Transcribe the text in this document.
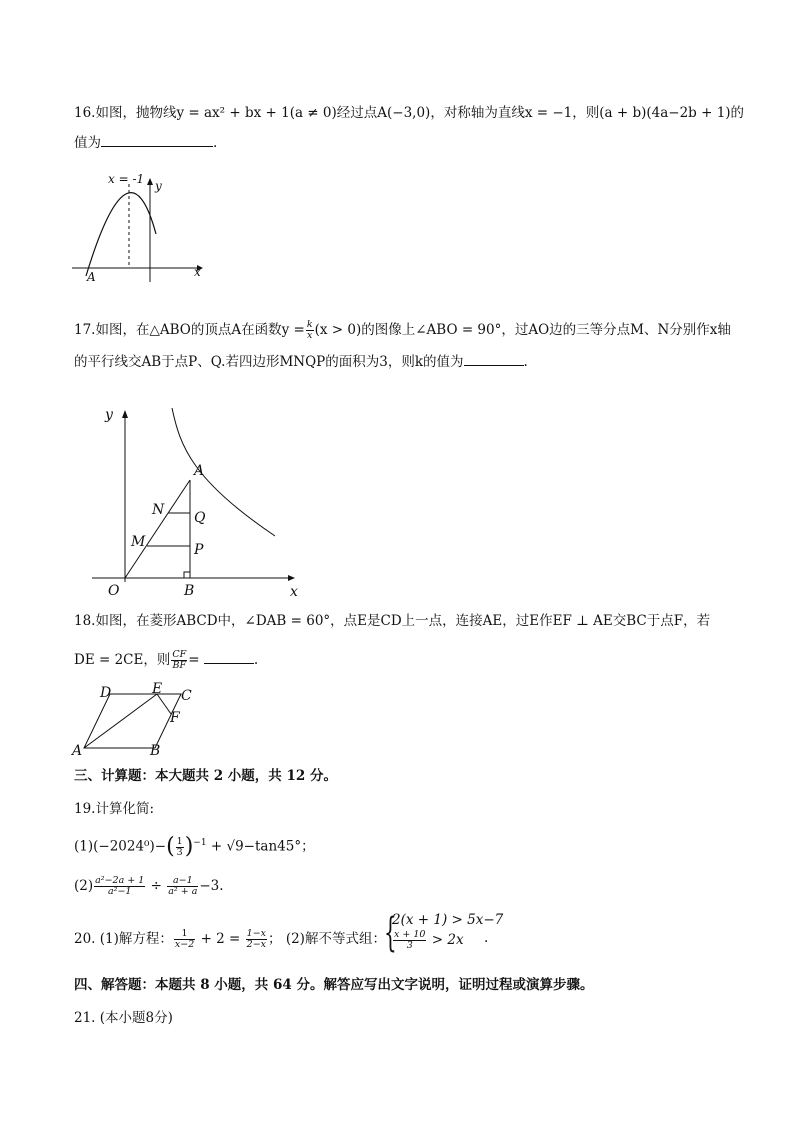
16.如图，抛物线y = ax² + bx + 1(a ≠ 0)经过点A(−3,0)，对称轴为直线x = −1，则(a + b)(4a−2b + 1)的
值为	.
x = -1 y
x
A
17.如图，在△ABO的顶点A在函数$y = \frac{k}{x} (x > 0)$的图像上∠ABO = 90°，过AO边的三等分点M、N分别作x轴
的平行线交AB于点P、Q.若四边形MNQP的面积为3，则k的值为	.
y
x
O	B
A
N Q
M	P
18.如图，在菱形ABCD中，∠DAB = 60°，点E是CD上一点，连接AE，过E作EF ⊥ AE交BC于点F，若
DE = 2CE，则 $\frac{CF}{BF}$ =	.
D	E C
F
A	B
三、计算题：本大题共 2 小题，共 12 分。
19.计算化简:
$(1)(-2024^0)-( \frac{1}{3} )^{-1} + √9-\tan 45^\circ$；
$(2) \frac{\text{a²−2a + 1}}{\text{a²−1}} \div \frac{a-1}{\text{a² + a}} -3$.
20. (1)解方程： $\frac{1}{x-2} + 2 = \frac{1-x}{2-x}$ ； (2)解不等式组：
{
2(x + 1) > 5x−7
$\frac{x + 10}{3} > 2x$ .
四、解答题：本题共 8 小题，共 64 分。解答应写出文字说明，证明过程或演算步骤。
21. (本小题8分)
